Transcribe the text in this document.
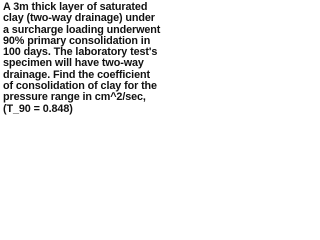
A 3m thick layer of saturated
clay (two-way drainage) under
a surcharge loading underwent
90% primary consolidation in
100 days. The laboratory test's
specimen will have two-way
drainage. Find the coefficient
of consolidation of clay for the
pressure range in cm^2/sec,
(T_90 = 0.848)
